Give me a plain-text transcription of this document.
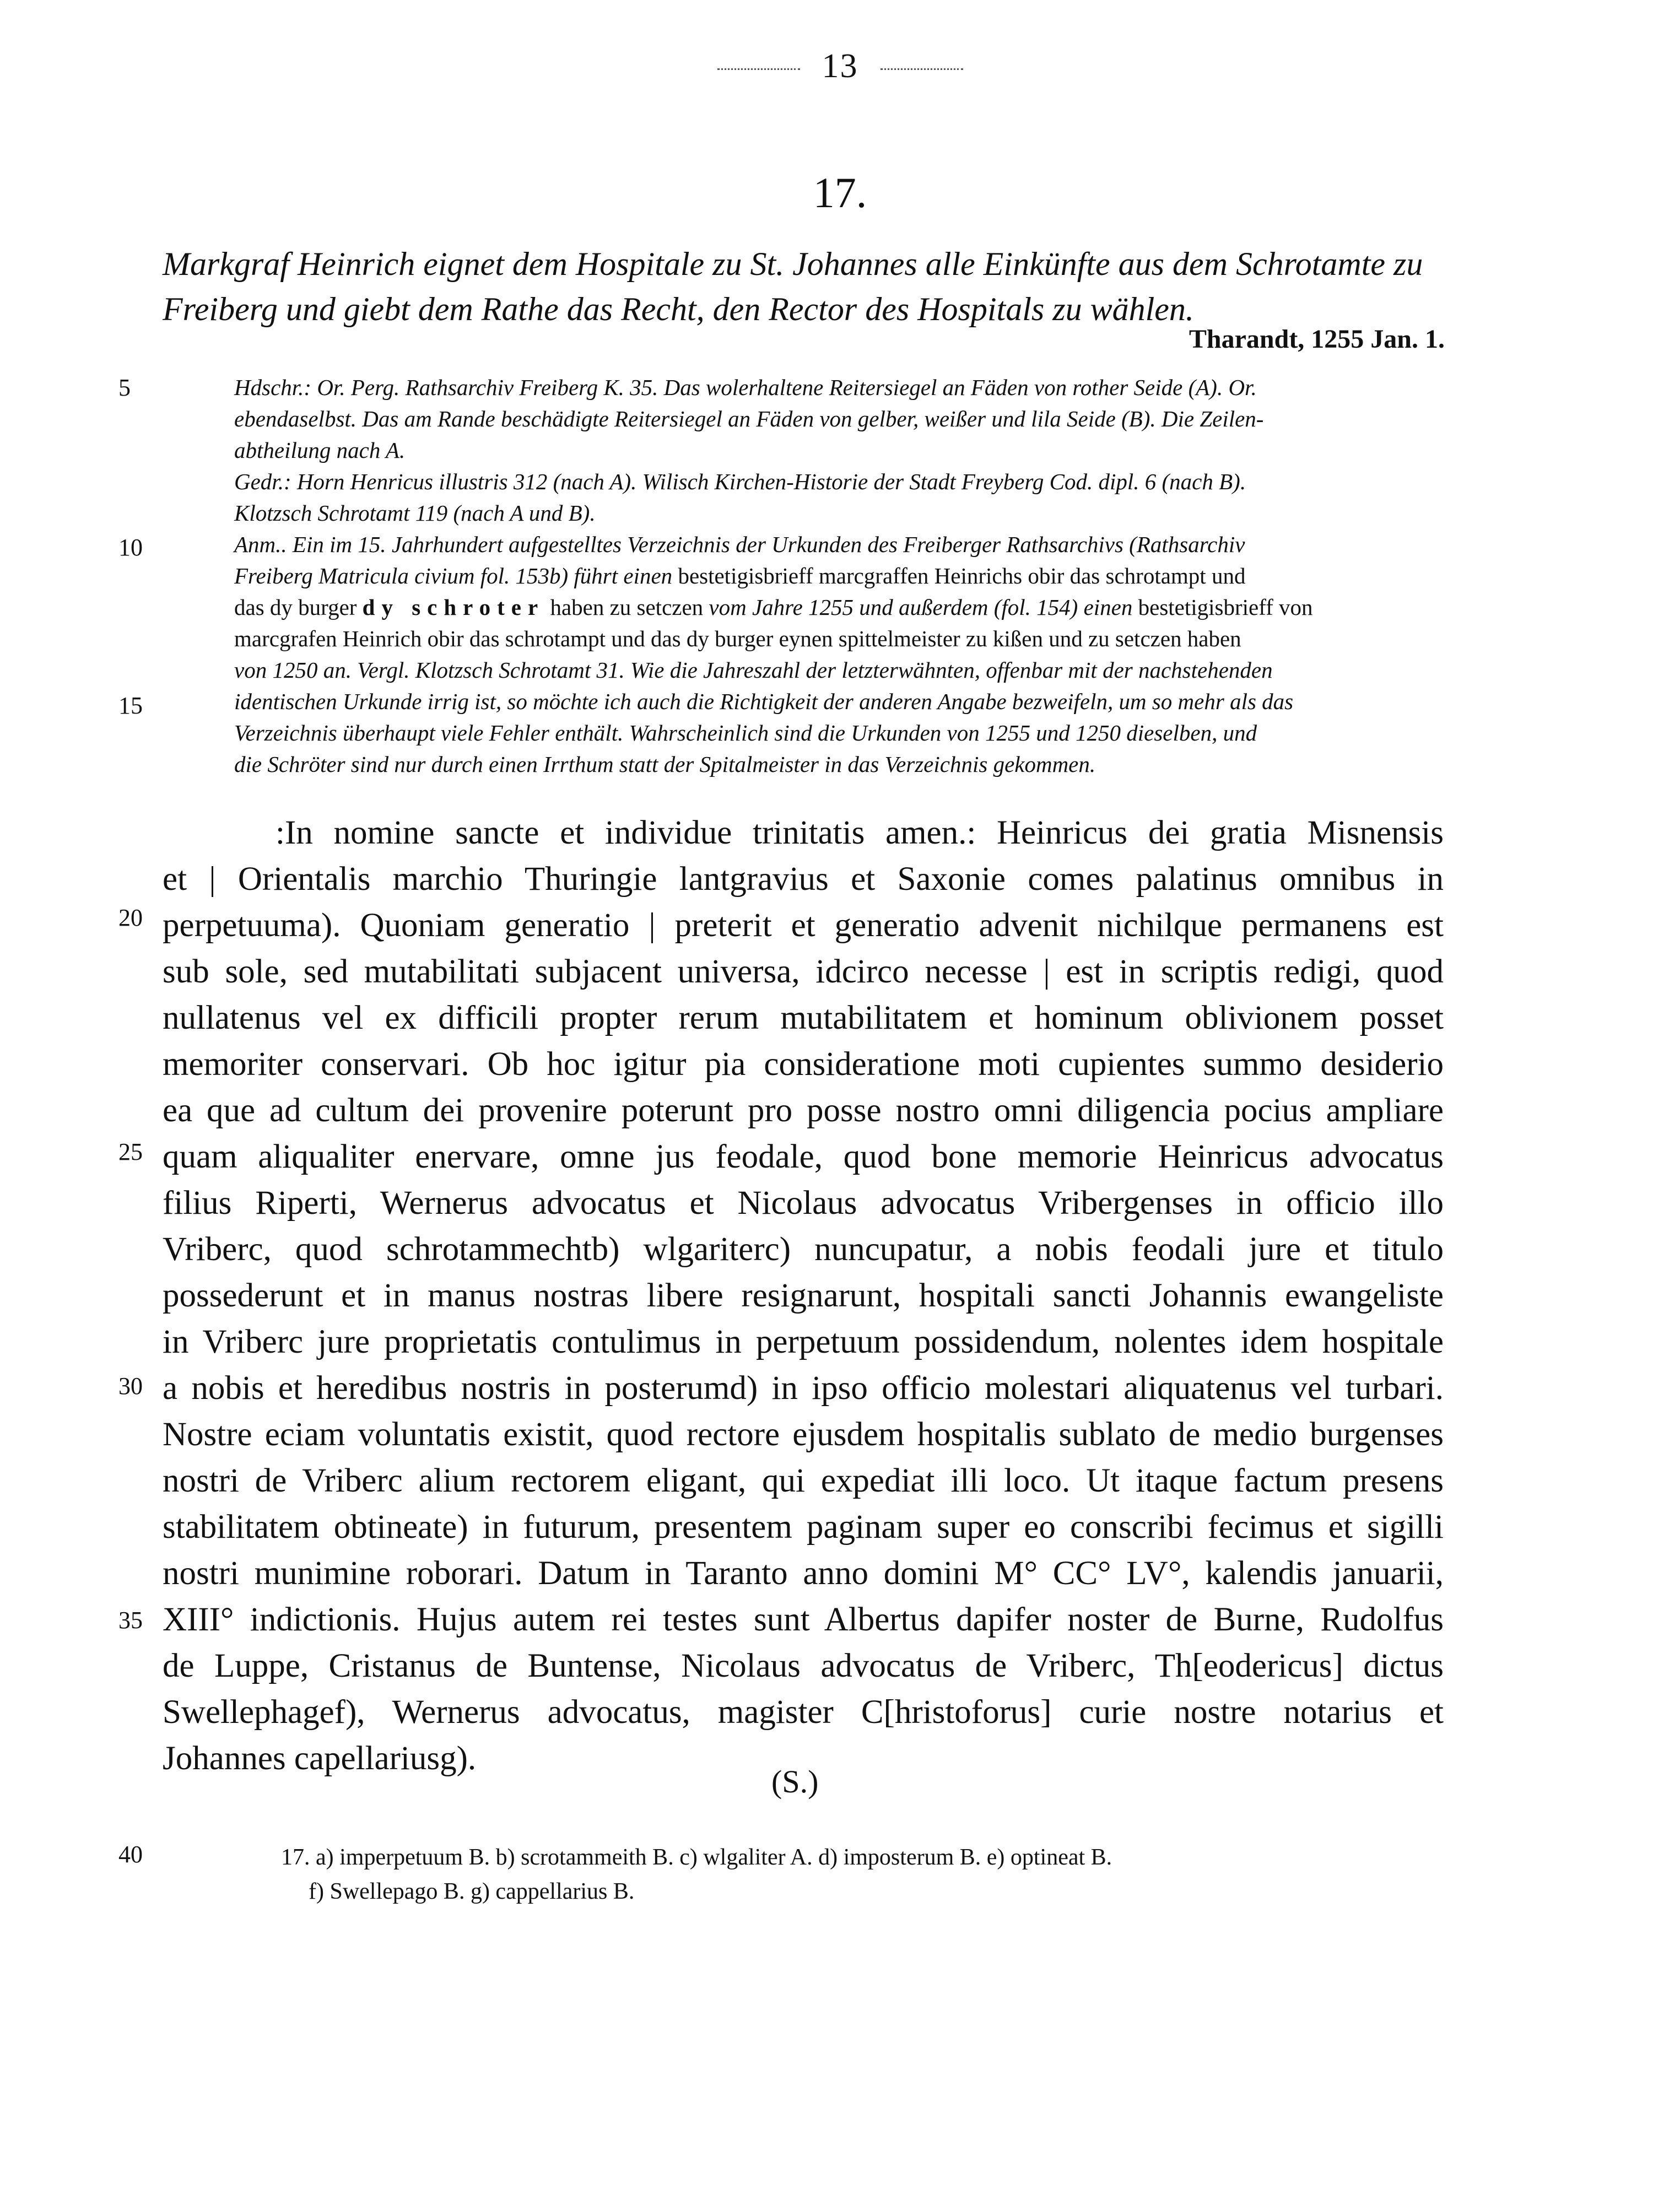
13
17.
Markgraf Heinrich eignet dem Hospitale zu St. Johannes alle Einkünfte aus dem Schrotamte zu
Freiberg und giebt dem Rathe das Recht, den Rector des Hospitals zu wählen.
Tharandt, 1255 Jan. 1.
5
10
15
20
25
30
35
40
Hdschr.: Or. Perg. Rathsarchiv Freiberg K. 35. Das wolerhaltene Reitersiegel an Fäden von rother Seide (A). Or.
ebendaselbst. Das am Rande beschädigte Reitersiegel an Fäden von gelber, weißer und lila Seide (B). Die Zeilen-
abtheilung nach A.
Gedr.: Horn Henricus illustris 312 (nach A). Wilisch Kirchen-Historie der Stadt Freyberg Cod. dipl. 6 (nach B).
Klotzsch Schrotamt 119 (nach A und B).
Anm.. Ein im 15. Jahrhundert aufgestelltes Verzeichnis der Urkunden des Freiberger Rathsarchivs (Rathsarchiv
Freiberg Matricula civium fol. 153b) führt einen bestetigisbrieff marcgraffen Heinrichs obir das schrotampt und
das dy burger dy schroter haben zu setczen vom Jahre 1255 und außerdem (fol. 154) einen bestetigisbrieff von
marcgrafen Heinrich obir das schrotampt und das dy burger eynen spittelmeister zu kißen und zu setczen haben
von 1250 an. Vergl. Klotzsch Schrotamt 31. Wie die Jahreszahl der letzterwähnten, offenbar mit der nachstehenden
identischen Urkunde irrig ist, so möchte ich auch die Richtigkeit der anderen Angabe bezweifeln, um so mehr als das
Verzeichnis überhaupt viele Fehler enthält. Wahrscheinlich sind die Urkunden von 1255 und 1250 dieselben, und
die Schröter sind nur durch einen Irrthum statt der Spitalmeister in das Verzeichnis gekommen.
:In nomine sancte et individue trinitatis amen.: Heinricus dei gratia Misnensis
et | Orientalis marchio Thuringie lantgravius et Saxonie comes palatinus omnibus in
perpetuuma). Quoniam generatio | preterit et generatio advenit nichilque permanens est
sub sole, sed mutabilitati subjacent universa, idcirco necesse | est in scriptis redigi, quod
nullatenus vel ex difficili propter rerum mutabilitatem et hominum oblivionem posset
memoriter conservari. Ob hoc igitur pia consideratione moti cupientes summo desiderio
ea que ad cultum dei provenire poterunt pro posse nostro omni diligencia pocius ampliare
quam aliqualiter enervare, omne jus feodale, quod bone memorie Heinricus advocatus
filius Riperti, Wernerus advocatus et Nicolaus advocatus Vribergenses in officio illo
Vriberc, quod schrotammechtb) wlgariterc) nuncupatur, a nobis feodali jure et titulo
possederunt et in manus nostras libere resignarunt, hospitali sancti Johannis ewangeliste
in Vriberc jure proprietatis contulimus in perpetuum possidendum, nolentes idem hospitale
a nobis et heredibus nostris in posterumd) in ipso officio molestari aliquatenus vel turbari.
Nostre eciam voluntatis existit, quod rectore ejusdem hospitalis sublato de medio burgenses
nostri de Vriberc alium rectorem eligant, qui expediat illi loco. Ut itaque factum presens
stabilitatem obtineate) in futurum, presentem paginam super eo conscribi fecimus et sigilli
nostri munimine roborari. Datum in Taranto anno domini M° CC° LV°, kalendis januarii,
XIII° indictionis. Hujus autem rei testes sunt Albertus dapifer noster de Burne, Rudolfus
de Luppe, Cristanus de Buntense, Nicolaus advocatus de Vriberc, Th[eodericus] dictus
Swellephagef), Wernerus advocatus, magister C[hristoforus] curie nostre notarius et
Johannes capellariusg).
(S.)
17. a) imperpetuum B. b) scrotammeith B. c) wlgaliter A. d) imposterum B. e) optineat B.
f) Swellepago B. g) cappellarius B.
